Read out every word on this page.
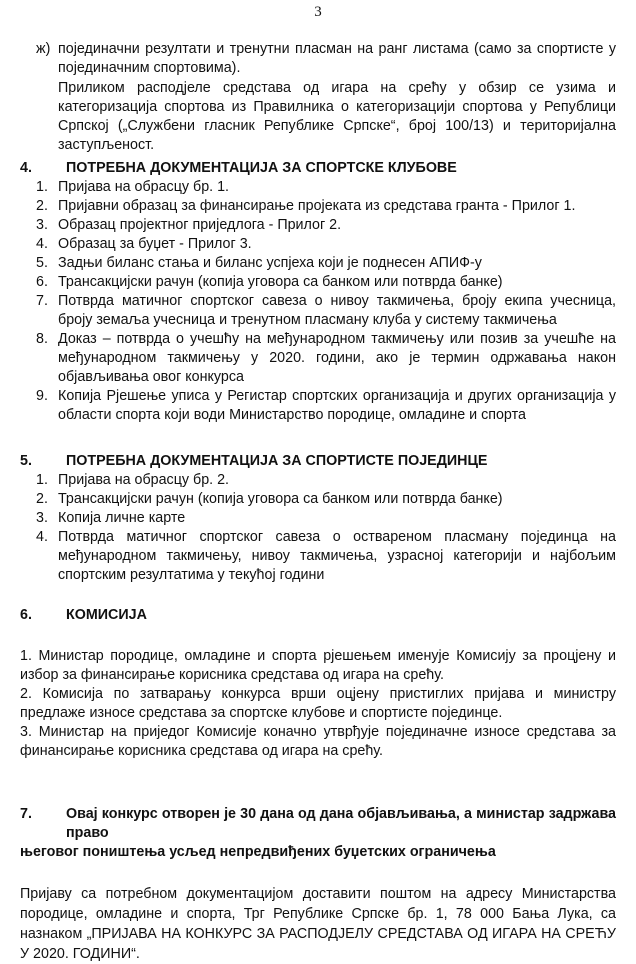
3
ж) појединачни резултати и тренутни пласман на ранг листама (само за спортисте у
појединачним спортовима).
Приликом расподјеле средстава од игара на срећу у обзир се узима и категоризација спортова из Правилника о категоризацији спортова у Републици Српској („Службени гласник Републике Српске“, број 100/13) и територијална заступљеност.
4. ПОТРЕБНА ДОКУМЕНТАЦИЈА ЗА СПОРТСКЕ КЛУБОВЕ
1. Пријава на обрасцу бр. 1.
2. Пријавни образац за финансирање пројеката из средстава гранта - Прилог 1.
3. Образац пројектног приједлога - Прилог 2.
4. Образац за буџет - Прилог 3.
5. Задњи биланс стања и биланс успјеха који је поднесен АПИФ-у
6. Трансакцијски рачун (копија уговора са банком или потврда банке)
7. Потврда матичног спортског савеза о нивоу такмичења, броју екипа учесница, броју земаља учесница и тренутном пласману клуба у систему такмичења
8. Доказ – потврда о учешћу на међународном такмичењу или позив за учешће на међународном такмичењу у 2020. години, ако је термин одржавања након објављивања овог конкурса
9. Копија Рјешење уписа у Регистар спортских организација и других организација у области спорта који води Министарство породице, омладине и спорта
5. ПОТРЕБНА ДОКУМЕНТАЦИЈА ЗА СПОРТИСТЕ ПОЈЕДИНЦЕ
1. Пријава на обрасцу бр. 2.
2. Трансакцијски рачун (копија уговора са банком или потврда банке)
3. Копија личне карте
4. Потврда матичног спортског савеза о оствареном пласману појединца на међународном такмичењу, нивоу такмичења, узрасној категорији и најбољим спортским резултатима у текућој години
6. КОМИСИЈА
1. Министар породице, омладине и спорта рјешењем именује Комисију за процјену и избор за финансирање корисника средстава од игара на срећу.
2. Комисија по затварању конкурса врши оцјену пристиглих пријава и министру предлаже износе средстава за спортске клубове и спортисте појединце.
3. Министар на приједог Комисије коначно утврђује појединачне износе средстава за финансирање корисника средстава од игара на срећу.
7. Овај конкурс отворен је 30 дана од дана објављивања, а министар задржава
право
његовог поништења усљед непредвиђених буџетских ограничења
Пријаву са потребном документацијом доставити поштом на адресу Министарства породице, омладине и спорта, Трг Републике Српске бр. 1, 78 000 Бања Лука, са назнаком „ПРИЈАВА НА КОНКУРС ЗА РАСПОДЈЕЛУ СРЕДСТАВА ОД ИГАРА НА СРЕЋУ У 2020. ГОДИНИ“.
